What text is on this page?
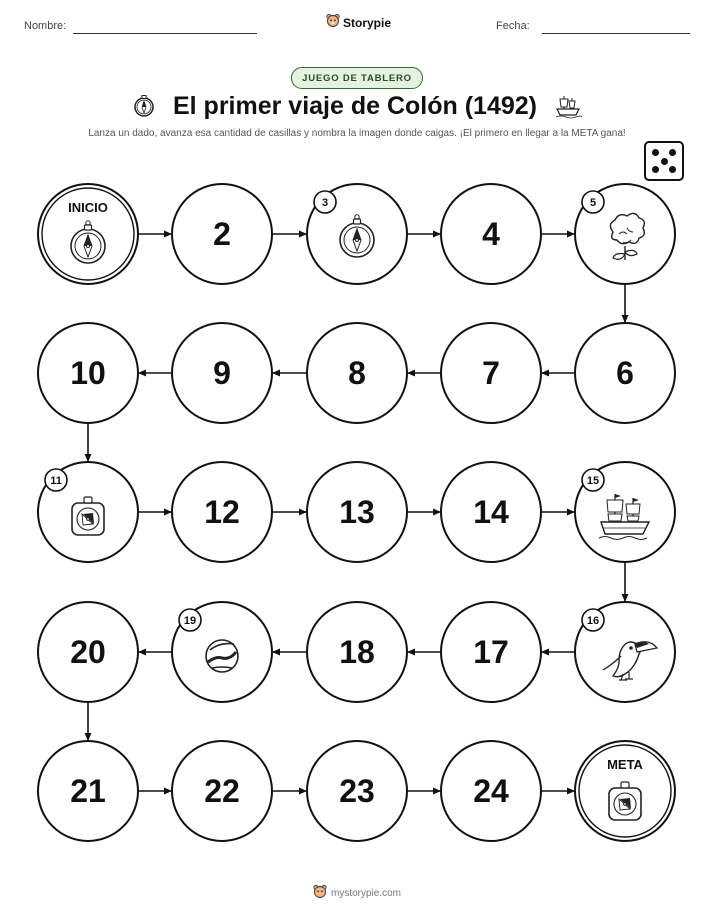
Nombre:	Storypie	Fecha:
JUEGO DE TABLERO
El primer viaje de Colón (1492)
Lanza un dado, avanza esa cantidad de casillas y nombra la imagen donde caigas. ¡El primero en llegar a la META gana!
INICIO
2
3
4
5
6
7
8
9
10
11
12	13	14
15
16
17
18
19
20
21	22	23	24
META
mystorypie.com
